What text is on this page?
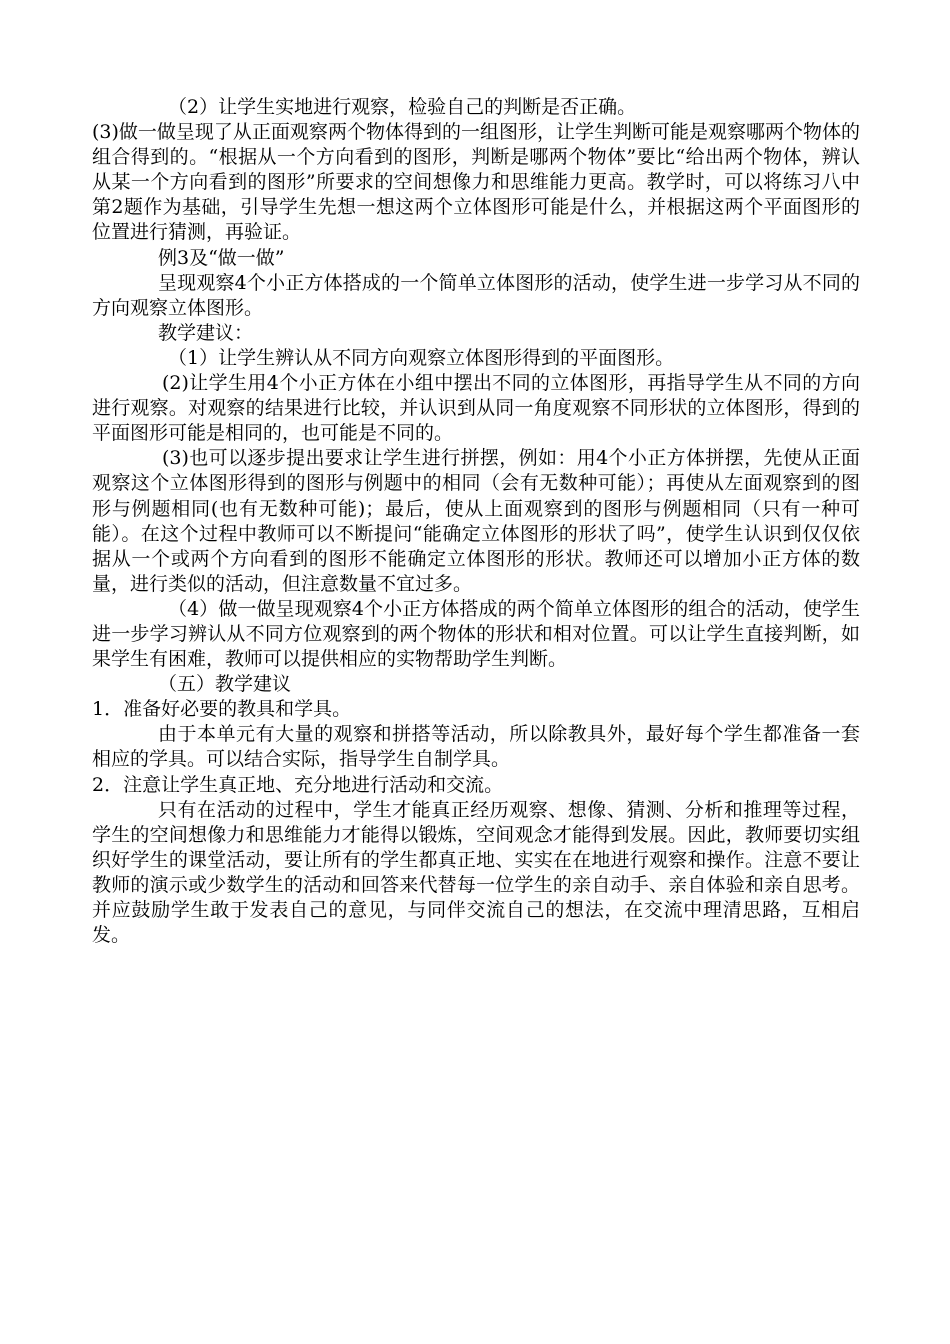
（2）让学生实地进行观察，检验自己的判断是否正确。

(3)做一做呈现了从正面观察两个物体得到的一组图形，让学生判断可能是观察哪两个物体的组合得到的。“根据从一个方向看到的图形，判断是哪两个物体”要比“给出两个物体，辨认从某一个方向看到的图形”所要求的空间想像力和思维能力更高。教学时，可以将练习八中第2题作为基础，引导学生先想一想这两个立体图形可能是什么，并根据这两个平面图形的位置进行猜测，再验证。

例3及“做一做”

呈现观察4个小正方体搭成的一个简单立体图形的活动，使学生进一步学习从不同的方向观察立体图形。

教学建议：

（1）让学生辨认从不同方向观察立体图形得到的平面图形。

(2)让学生用4个小正方体在小组中摆出不同的立体图形，再指导学生从不同的方向进行观察。对观察的结果进行比较，并认识到从同一角度观察不同形状的立体图形，得到的平面图形可能是相同的，也可能是不同的。

(3)也可以逐步提出要求让学生进行拼摆，例如：用4个小正方体拼摆，先使从正面观察这个立体图形得到的图形与例题中的相同（会有无数种可能）；再使从左面观察到的图形与例题相同(也有无数种可能)；最后，使从上面观察到的图形与例题相同（只有一种可能）。在这个过程中教师可以不断提问“能确定立体图形的形状了吗”，使学生认识到仅仅依据从一个或两个方向看到的图形不能确定立体图形的形状。教师还可以增加小正方体的数量，进行类似的活动，但注意数量不宜过多。

（4）做一做呈现观察4个小正方体搭成的两个简单立体图形的组合的活动，使学生进一步学习辨认从不同方位观察到的两个物体的形状和相对位置。可以让学生直接判断，如果学生有困难，教师可以提供相应的实物帮助学生判断。

（五）教学建议

1．准备好必要的教具和学具。

由于本单元有大量的观察和拼搭等活动，所以除教具外，最好每个学生都准备一套相应的学具。可以结合实际，指导学生自制学具。

2．注意让学生真正地、充分地进行活动和交流。

只有在活动的过程中，学生才能真正经历观察、想像、猜测、分析和推理等过程，学生的空间想像力和思维能力才能得以锻炼，空间观念才能得到发展。因此，教师要切实组织好学生的课堂活动，要让所有的学生都真正地、实实在在地进行观察和操作。注意不要让教师的演示或少数学生的活动和回答来代替每一位学生的亲自动手、亲自体验和亲自思考。并应鼓励学生敢于发表自己的意见，与同伴交流自己的想法，在交流中理清思路，互相启发。
